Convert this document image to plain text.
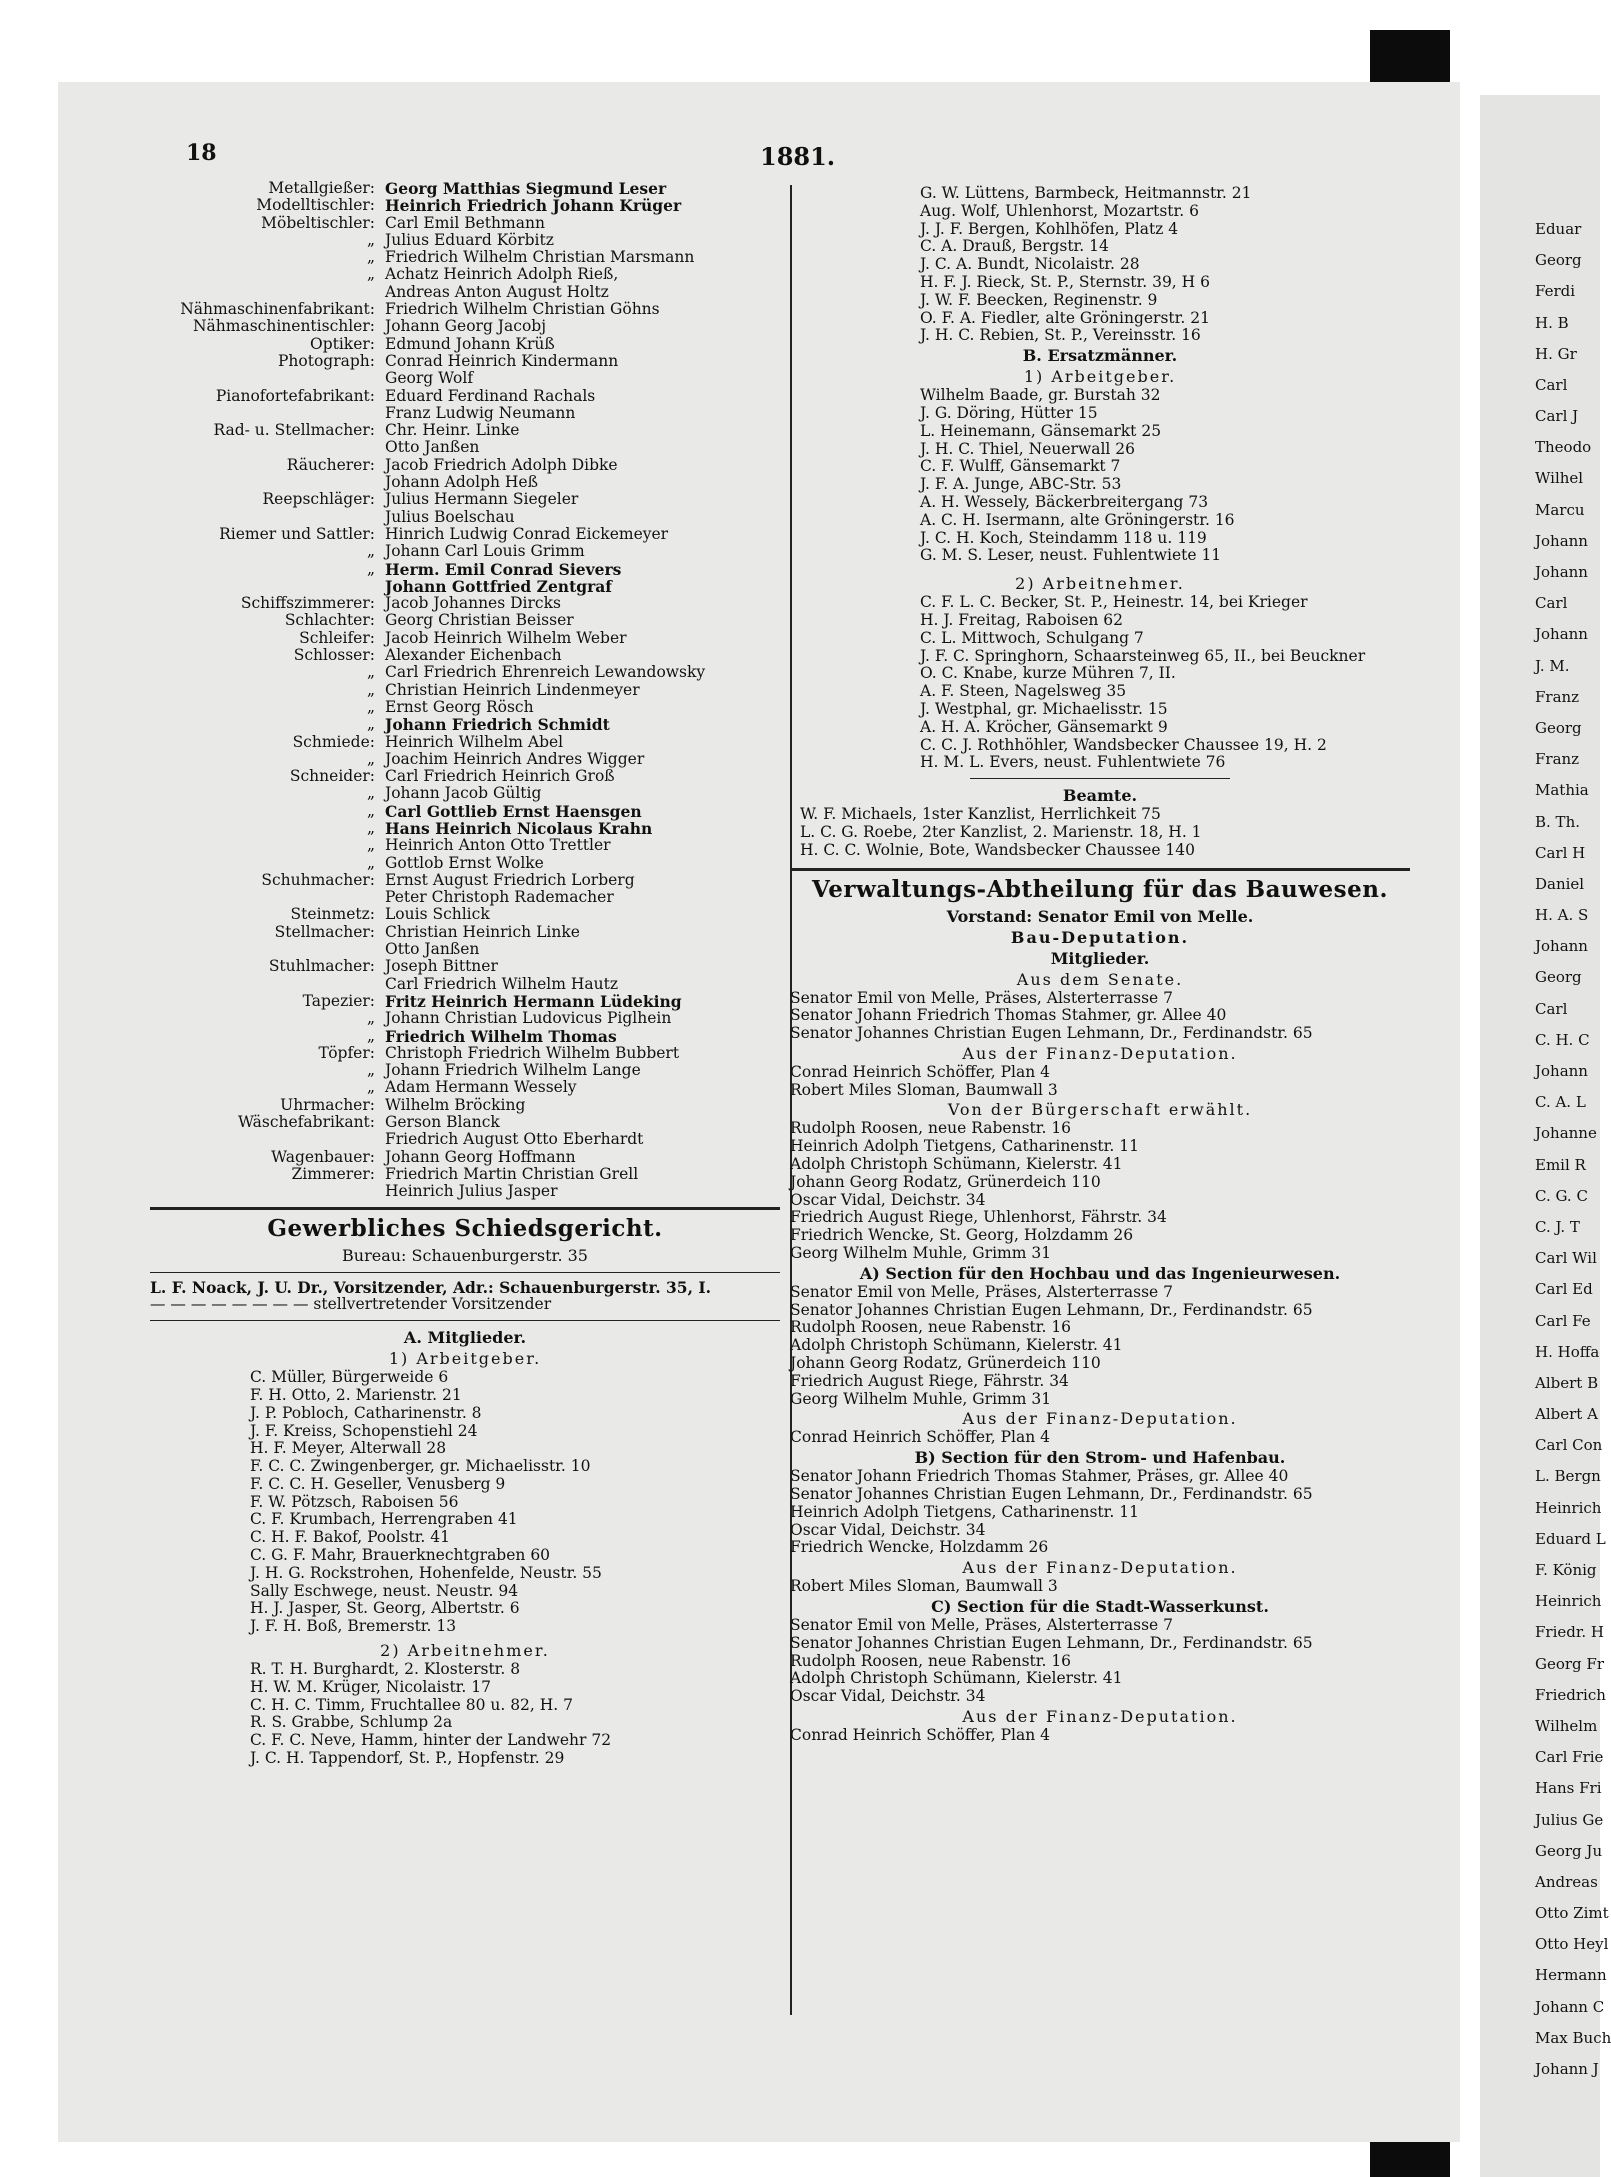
Eduar
Georg
Ferdi
H. B
H. Gr
Carl
Carl J
Theodo
Wilhel
Marcu
Johann
Johann
Carl
Johann
J. M.
Franz
Georg
Franz
Mathia
B. Th.
Carl H
Daniel
H. A. S
Johann
Georg
Carl
C. H. C
Johann
C. A. L
Johanne
Emil R
C. G. C
C. J. T
Carl Wil
Carl Ed
Carl Fe
H. Hoffa
Albert B
Albert A
Carl Con
L. Bergn
Heinrich
Eduard L
F. König
Heinrich
Friedr. H
Georg Fr
Friedrich
Wilhelm
Carl Frie
Hans Fri
Julius Ge
Georg Ju
Andreas
Otto Zimt
Otto Heyl
Hermann
Johann C
Max Buch
Johann J
18	1881.
Metallgießer: Georg Matthias Siegmund Leser
Modelltischler: Heinrich Friedrich Johann Krüger
Möbeltischler: Carl Emil Bethmann
„ Julius Eduard Körbitz
„ Friedrich Wilhelm Christian Marsmann
„ Achatz Heinrich Adolph Rieß,
Andreas Anton August Holtz
Nähmaschinenfabrikant: Friedrich Wilhelm Christian Göhns
Nähmaschinentischler: Johann Georg Jacobj
Optiker: Edmund Johann Krüß
Photograph: Conrad Heinrich Kindermann
Georg Wolf
Pianofortefabrikant: Eduard Ferdinand Rachals
Franz Ludwig Neumann
Rad- u. Stellmacher: Chr. Heinr. Linke
Otto Janßen
Räucherer: Jacob Friedrich Adolph Dibke
Johann Adolph Heß
Reepschläger: Julius Hermann Siegeler
Julius Boelschau
Riemer und Sattler: Hinrich Ludwig Conrad Eickemeyer
„ Johann Carl Louis Grimm
„ Herm. Emil Conrad Sievers
Johann Gottfried Zentgraf
Schiffszimmerer: Jacob Johannes Dircks
Schlachter: Georg Christian Beisser
Schleifer: Jacob Heinrich Wilhelm Weber
Schlosser: Alexander Eichenbach
„ Carl Friedrich Ehrenreich Lewandowsky
„ Christian Heinrich Lindenmeyer
„ Ernst Georg Rösch
„ Johann Friedrich Schmidt
Schmiede: Heinrich Wilhelm Abel
„ Joachim Heinrich Andres Wigger
Schneider: Carl Friedrich Heinrich Groß
„ Johann Jacob Gültig
„ Carl Gottlieb Ernst Haensgen
„ Hans Heinrich Nicolaus Krahn
„ Heinrich Anton Otto Trettler
„ Gottlob Ernst Wolke
Schuhmacher: Ernst August Friedrich Lorberg
Peter Christoph Rademacher
Steinmetz: Louis Schlick
Stellmacher: Christian Heinrich Linke
Otto Janßen
Stuhlmacher: Joseph Bittner
Carl Friedrich Wilhelm Hautz
Tapezier: Fritz Heinrich Hermann Lüdeking
„ Johann Christian Ludovicus Piglhein
„ Friedrich Wilhelm Thomas
Töpfer: Christoph Friedrich Wilhelm Bubbert
„ Johann Friedrich Wilhelm Lange
„ Adam Hermann Wessely
Uhrmacher: Wilhelm Bröcking
Wäschefabrikant: Gerson Blanck
Friedrich August Otto Eberhardt
Wagenbauer: Johann Georg Hoffmann
Zimmerer: Friedrich Martin Christian Grell
Heinrich Julius Jasper
Gewerbliches Schiedsgericht.
Bureau: Schauenburgerstr. 35
L. F. Noack, J. U. Dr., Vorsitzender, Adr.: Schauenburgerstr. 35, I.
— — — — — — — — stellvertretender Vorsitzender
A. Mitglieder.
1) Arbeitgeber.
C. Müller, Bürgerweide 6
F. H. Otto, 2. Marienstr. 21
J. P. Pobloch, Catharinenstr. 8
J. F. Kreiss, Schopenstiehl 24
H. F. Meyer, Alterwall 28
F. C. C. Zwingenberger, gr. Michaelisstr. 10
F. C. C. H. Geseller, Venusberg 9
F. W. Pötzsch, Raboisen 56
C. F. Krumbach, Herrengraben 41
C. H. F. Bakof, Poolstr. 41
C. G. F. Mahr, Brauerknechtgraben 60
J. H. G. Rockstrohen, Hohenfelde, Neustr. 55
Sally Eschwege, neust. Neustr. 94
H. J. Jasper, St. Georg, Albertstr. 6
J. F. H. Boß, Bremerstr. 13
2) Arbeitnehmer.
R. T. H. Burghardt, 2. Klosterstr. 8
H. W. M. Krüger, Nicolaistr. 17
C. H. C. Timm, Fruchtallee 80 u. 82, H. 7
R. S. Grabbe, Schlump 2a
C. F. C. Neve, Hamm, hinter der Landwehr 72
J. C. H. Tappendorf, St. P., Hopfenstr. 29
G. W. Lüttens, Barmbeck, Heitmannstr. 21
Aug. Wolf, Uhlenhorst, Mozartstr. 6
J. J. F. Bergen, Kohlhöfen, Platz 4
C. A. Drauß, Bergstr. 14
J. C. A. Bundt, Nicolaistr. 28
H. F. J. Rieck, St. P., Sternstr. 39, H 6
J. W. F. Beecken, Reginenstr. 9
O. F. A. Fiedler, alte Gröningerstr. 21
J. H. C. Rebien, St. P., Vereinsstr. 16
B. Ersatzmänner.
1) Arbeitgeber.
Wilhelm Baade, gr. Burstah 32
J. G. Döring, Hütter 15
L. Heinemann, Gänsemarkt 25
J. H. C. Thiel, Neuerwall 26
C. F. Wulff, Gänsemarkt 7
J. F. A. Junge, ABC-Str. 53
A. H. Wessely, Bäckerbreitergang 73
A. C. H. Isermann, alte Gröningerstr. 16
J. C. H. Koch, Steindamm 118 u. 119
G. M. S. Leser, neust. Fuhlentwiete 11
2) Arbeitnehmer.
C. F. L. C. Becker, St. P., Heinestr. 14, bei Krieger
H. J. Freitag, Raboisen 62
C. L. Mittwoch, Schulgang 7
J. F. C. Springhorn, Schaarsteinweg 65, II., bei Beuckner
O. C. Knabe, kurze Mühren 7, II.
A. F. Steen, Nagelsweg 35
J. Westphal, gr. Michaelisstr. 15
A. H. A. Kröcher, Gänsemarkt 9
C. C. J. Rothhöhler, Wandsbecker Chaussee 19, H. 2
H. M. L. Evers, neust. Fuhlentwiete 76
Beamte.
W. F. Michaels, 1ster Kanzlist, Herrlichkeit 75
L. C. G. Roebe, 2ter Kanzlist, 2. Marienstr. 18, H. 1
H. C. C. Wolnie, Bote, Wandsbecker Chaussee 140
Verwaltungs-Abtheilung für das Bauwesen.
Vorstand: Senator Emil von Melle.
Bau-Deputation.
Mitglieder.
Aus dem Senate.
Senator Emil von Melle, Präses, Alsterterrasse 7
Senator Johann Friedrich Thomas Stahmer, gr. Allee 40
Senator Johannes Christian Eugen Lehmann, Dr., Ferdinandstr. 65
Aus der Finanz-Deputation.
Conrad Heinrich Schöffer, Plan 4
Robert Miles Sloman, Baumwall 3
Von der Bürgerschaft erwählt.
Rudolph Roosen, neue Rabenstr. 16
Heinrich Adolph Tietgens, Catharinenstr. 11
Adolph Christoph Schümann, Kielerstr. 41
Johann Georg Rodatz, Grünerdeich 110
Oscar Vidal, Deichstr. 34
Friedrich August Riege, Uhlenhorst, Fährstr. 34
Friedrich Wencke, St. Georg, Holzdamm 26
Georg Wilhelm Muhle, Grimm 31
A) Section für den Hochbau und das Ingenieurwesen.
Senator Emil von Melle, Präses, Alsterterrasse 7
Senator Johannes Christian Eugen Lehmann, Dr., Ferdinandstr. 65
Rudolph Roosen, neue Rabenstr. 16
Adolph Christoph Schümann, Kielerstr. 41
Johann Georg Rodatz, Grünerdeich 110
Friedrich August Riege, Fährstr. 34
Georg Wilhelm Muhle, Grimm 31
Aus der Finanz-Deputation.
Conrad Heinrich Schöffer, Plan 4
B) Section für den Strom- und Hafenbau.
Senator Johann Friedrich Thomas Stahmer, Präses, gr. Allee 40
Senator Johannes Christian Eugen Lehmann, Dr., Ferdinandstr. 65
Heinrich Adolph Tietgens, Catharinenstr. 11
Oscar Vidal, Deichstr. 34
Friedrich Wencke, Holzdamm 26
Aus der Finanz-Deputation.
Robert Miles Sloman, Baumwall 3
C) Section für die Stadt-Wasserkunst.
Senator Emil von Melle, Präses, Alsterterrasse 7
Senator Johannes Christian Eugen Lehmann, Dr., Ferdinandstr. 65
Rudolph Roosen, neue Rabenstr. 16
Adolph Christoph Schümann, Kielerstr. 41
Oscar Vidal, Deichstr. 34
Aus der Finanz-Deputation.
Conrad Heinrich Schöffer, Plan 4
